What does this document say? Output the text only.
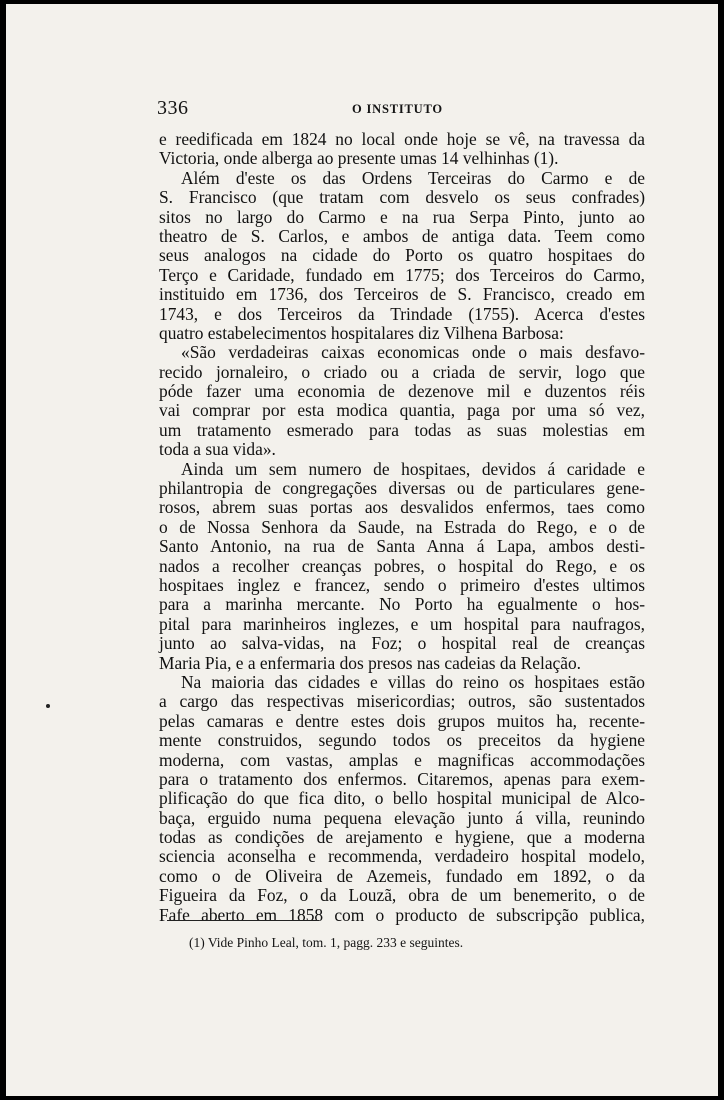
336	O INSTITUTO
e reedificada em 1824 no local onde hoje se vê, na travessa da
Victoria, onde alberga ao presente umas 14 velhinhas (1).
Além d'este os das Ordens Terceiras do Carmo e de
S. Francisco (que tratam com desvelo os seus confrades)
sitos no largo do Carmo e na rua Serpa Pinto, junto ao
theatro de S. Carlos, e ambos de antiga data. Teem como
seus analogos na cidade do Porto os quatro hospitaes do
Terço e Caridade, fundado em 1775; dos Terceiros do Carmo,
instituido em 1736, dos Terceiros de S. Francisco, creado em
1743, e dos Terceiros da Trindade (1755). Acerca d'estes
quatro estabelecimentos hospitalares diz Vilhena Barbosa:
«São verdadeiras caixas economicas onde o mais desfavo-
recido jornaleiro, o criado ou a criada de servir, logo que
póde fazer uma economia de dezenove mil e duzentos réis
vai comprar por esta modica quantia, paga por uma só vez,
um tratamento esmerado para todas as suas molestias em
toda a sua vida».
Ainda um sem numero de hospitaes, devidos á caridade e
philantropia de congregações diversas ou de particulares gene-
rosos, abrem suas portas aos desvalidos enfermos, taes como
o de Nossa Senhora da Saude, na Estrada do Rego, e o de
Santo Antonio, na rua de Santa Anna á Lapa, ambos desti-
nados a recolher creanças pobres, o hospital do Rego, e os
hospitaes inglez e francez, sendo o primeiro d'estes ultimos
para a marinha mercante. No Porto ha egualmente o hos-
pital para marinheiros inglezes, e um hospital para naufragos,
junto ao salva-vidas, na Foz; o hospital real de creanças
Maria Pia, e a enfermaria dos presos nas cadeias da Relação.
Na maioria das cidades e villas do reino os hospitaes estão
a cargo das respectivas misericordias; outros, são sustentados
pelas camaras e dentre estes dois grupos muitos ha, recente-
mente construidos, segundo todos os preceitos da hygiene
moderna, com vastas, amplas e magnificas accommodações
para o tratamento dos enfermos. Citaremos, apenas para exem-
plificação do que fica dito, o bello hospital municipal de Alco-
baça, erguido numa pequena elevação junto á villa, reunindo
todas as condições de arejamento e hygiene, que a moderna
sciencia aconselha e recommenda, verdadeiro hospital modelo,
como o de Oliveira de Azemeis, fundado em 1892, o da
Figueira da Foz, o da Louzã, obra de um benemerito, o de
Fafe aberto em 1858 com o producto de subscripção publica,
(1) Vide Pinho Leal, tom. 1, pagg. 233 e seguintes.
